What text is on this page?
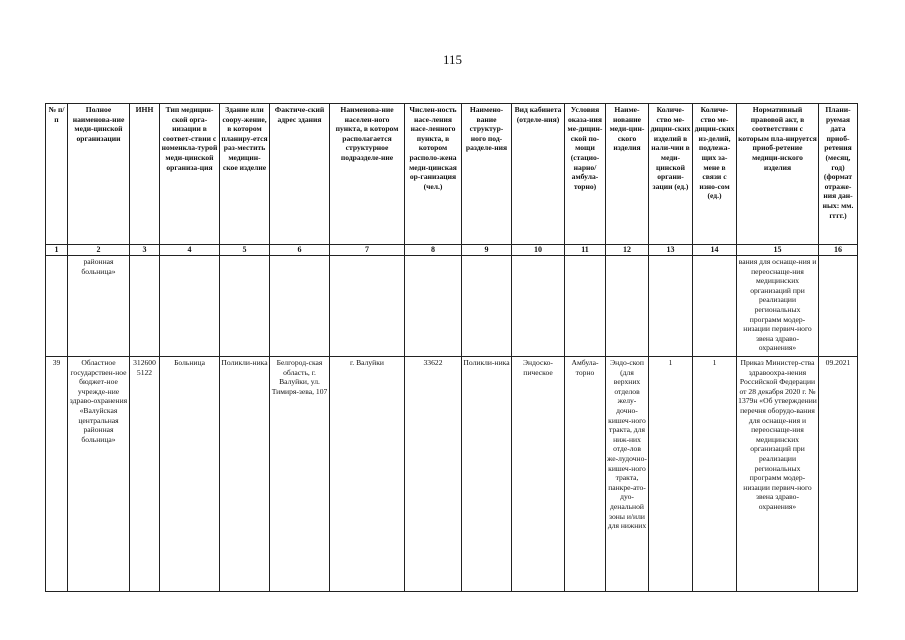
115
№ п/п	Полное наименова-ние меди-цинской организации	ИНН	Тип медицин-ской орга-низации в соответ-ствии с номенкла-турой меди-цинской организа-ция	Здание или соору-жение, в котором планиру-ется раз-местить медицин-ское изделие	Фактиче-ский адрес здания	Наименова-ние населен-ного пункта, в котором располагается структурное подразделе-ние	Числен-ность насе-ления насе-ленного пункта, в котором располо-жена меди-цинская ор-ганизация (чел.)	Наимено-вание структур-ного под-разделе-ния	Вид кабинета (отделе-ния)	Условия оказа-ния ме-дицин-ской по-мощи (стацио-нарно/ амбула-торно)	Наиме-нование меди-цин-ского изделия	Количе-ство ме-дицин-ских изделий в нали-чии в меди-цинской органи-зации (ед.)	Количе-ство ме-дицин-ских из-делий, подлежа-щих за-мене в связи с изно-сом (ед.)	Нормативный правовой акт, в соответствии с которым пла-нируется приоб-ретение медици-нского изделия	Плани-руемая дата приоб-ретения (месяц, год) (формат отраже-ния дан-ных: мм. гггг.)
1	2	3	4	5	6	7	8	9	10	11	12	13	14	15	16
	районная больница»													вания для оснаще-ния и переоснаще-ния медицинских организаций при реализации региональных программ модер-низации первич-ного звена здраво-охранения»	
39	Областное государствен-ное бюджет-ное учрежде-ние здраво-охранения «Валуйская центральная районная больница»	312600 5122	Больница	Поликли-ника	Белгород-ская область, г. Валуйки, ул. Тимиря-зева, 107	г. Валуйки	33622	Поликли-ника	Эндоско-пическое	Амбула-торно	Эндо-скоп (для верхних отделов желу-дочно-кишеч-ного тракта, для ниж-них отде-лов же-лудочно-кишеч-ного тракта, панкре-ато-дуо-денальной зоны и/или для нижних	1	1	Приказ Министер-ства здравоохра-нения Российской Федерации от 28 декабря 2020 г. № 1379н «Об утверждении перечня оборудо-вания для оснаще-ния и переоснаще-ния медицинских организаций при реализации региональных программ модер-низации первич-ного звена здраво-охранения»	09.2021
